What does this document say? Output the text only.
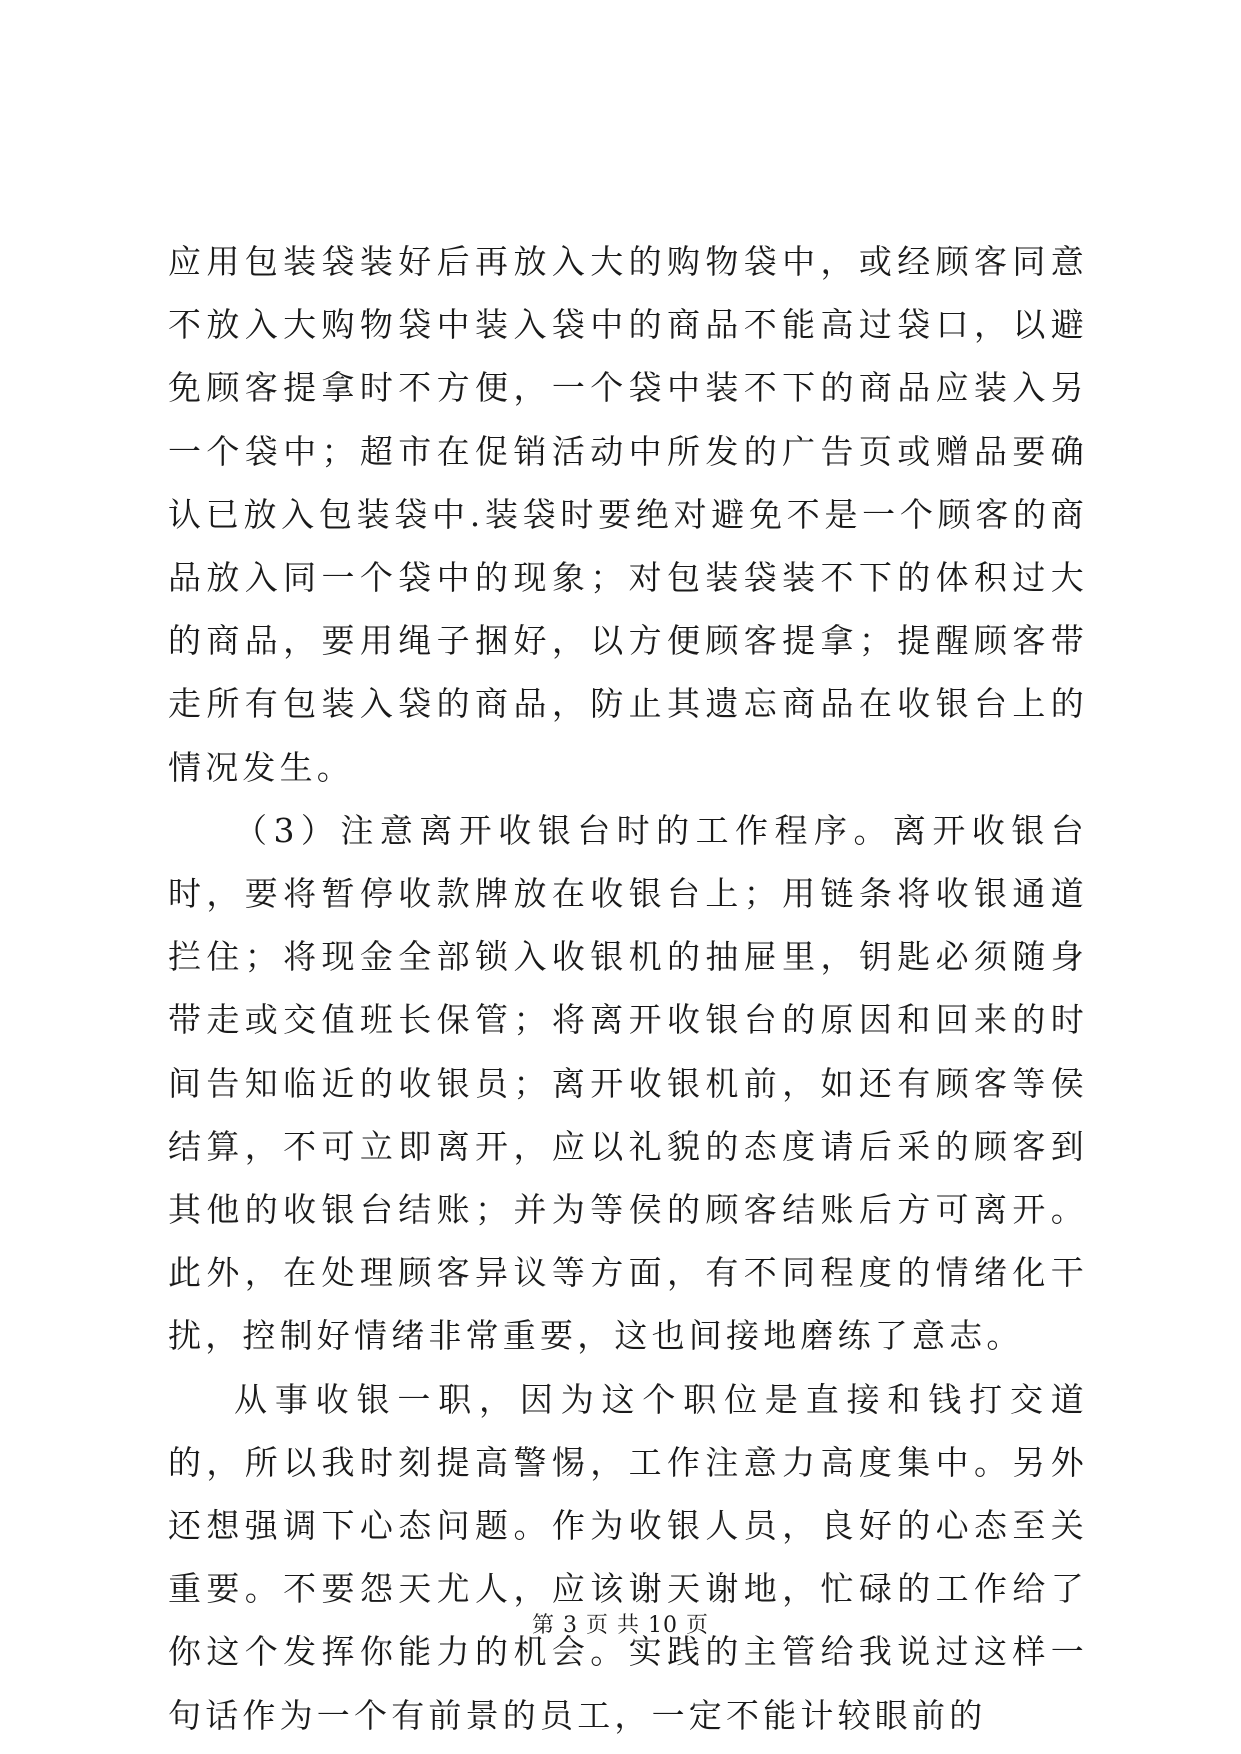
应用包装袋装好后再放入大的购物袋中，或经顾客同意不放入大购物袋中装入袋中的商品不能高过袋口，以避免顾客提拿时不方便，一个袋中装不下的商品应装入另一个袋中；超市在促销活动中所发的广告页或赠品要确认已放入包装袋中.装袋时要绝对避免不是一个顾客的商品放入同一个袋中的现象；对包装袋装不下的体积过大的商品，要用绳子捆好，以方便顾客提拿；提醒顾客带走所有包装入袋的商品，防止其遗忘商品在收银台上的情况发生。

（3）注意离开收银台时的工作程序。离开收银台时，要将暂停收款牌放在收银台上；用链条将收银通道拦住；将现金全部锁入收银机的抽屉里，钥匙必须随身带走或交值班长保管；将离开收银台的原因和回来的时间告知临近的收银员；离开收银机前，如还有顾客等侯结算，不可立即离开，应以礼貌的态度请后采的顾客到其他的收银台结账；并为等侯的顾客结账后方可离开。此外，在处理顾客异议等方面，有不同程度的情绪化干扰，控制好情绪非常重要，这也间接地磨练了意志。

从事收银一职，因为这个职位是直接和钱打交道的，所以我时刻提高警惕，工作注意力高度集中。另外还想强调下心态问题。作为收银人员，良好的心态至关重要。不要怨天尤人，应该谢天谢地，忙碌的工作给了你这个发挥你能力的机会。实践的主管给我说过这样一句话作为一个有前景的员工，一定不能计较眼前的

第 3 页 共 10 页
